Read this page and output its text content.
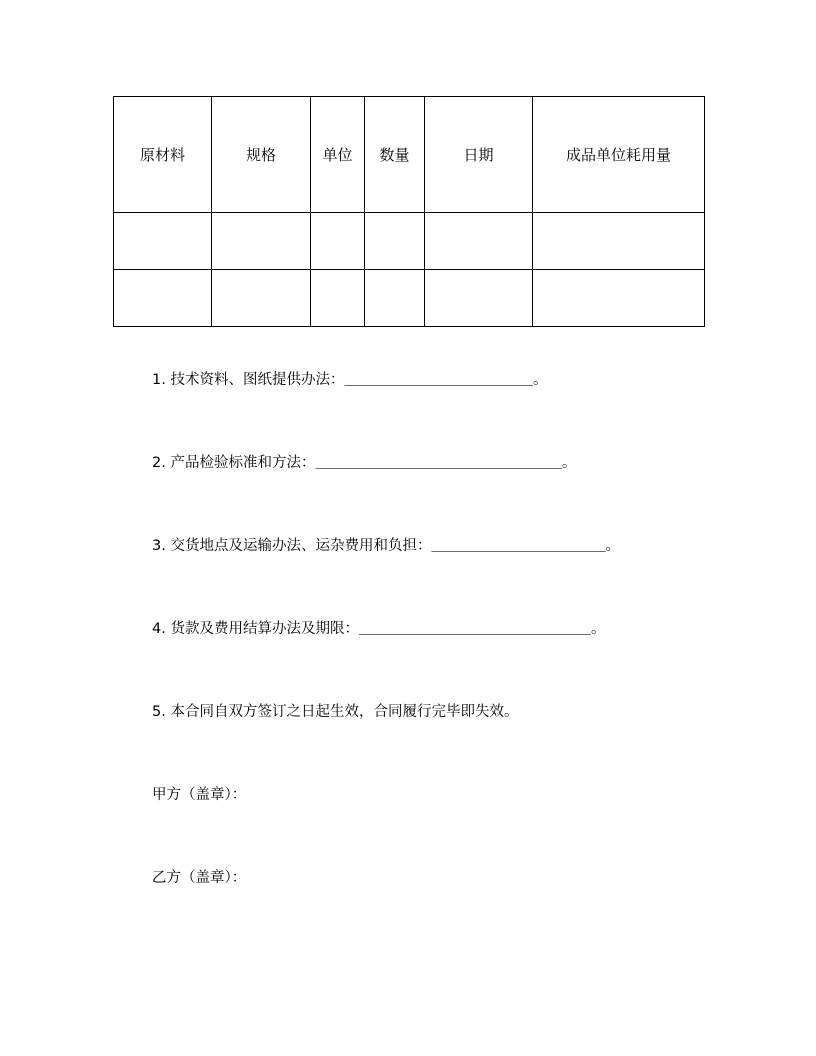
原材料	规格	单位	数量	日期	成品单位耗用量

1. 技术资料、图纸提供办法：＿＿＿＿＿＿＿＿＿＿＿＿＿。
2. 产品检验标准和方法：＿＿＿＿＿＿＿＿＿＿＿＿＿＿＿＿＿。
3. 交货地点及运输办法、运杂费用和负担：＿＿＿＿＿＿＿＿＿＿＿＿。
4. 货款及费用结算办法及期限：＿＿＿＿＿＿＿＿＿＿＿＿＿＿＿＿。
5. 本合同自双方签订之日起生效，合同履行完毕即失效。
甲方（盖章）：
乙方（盖章）：
